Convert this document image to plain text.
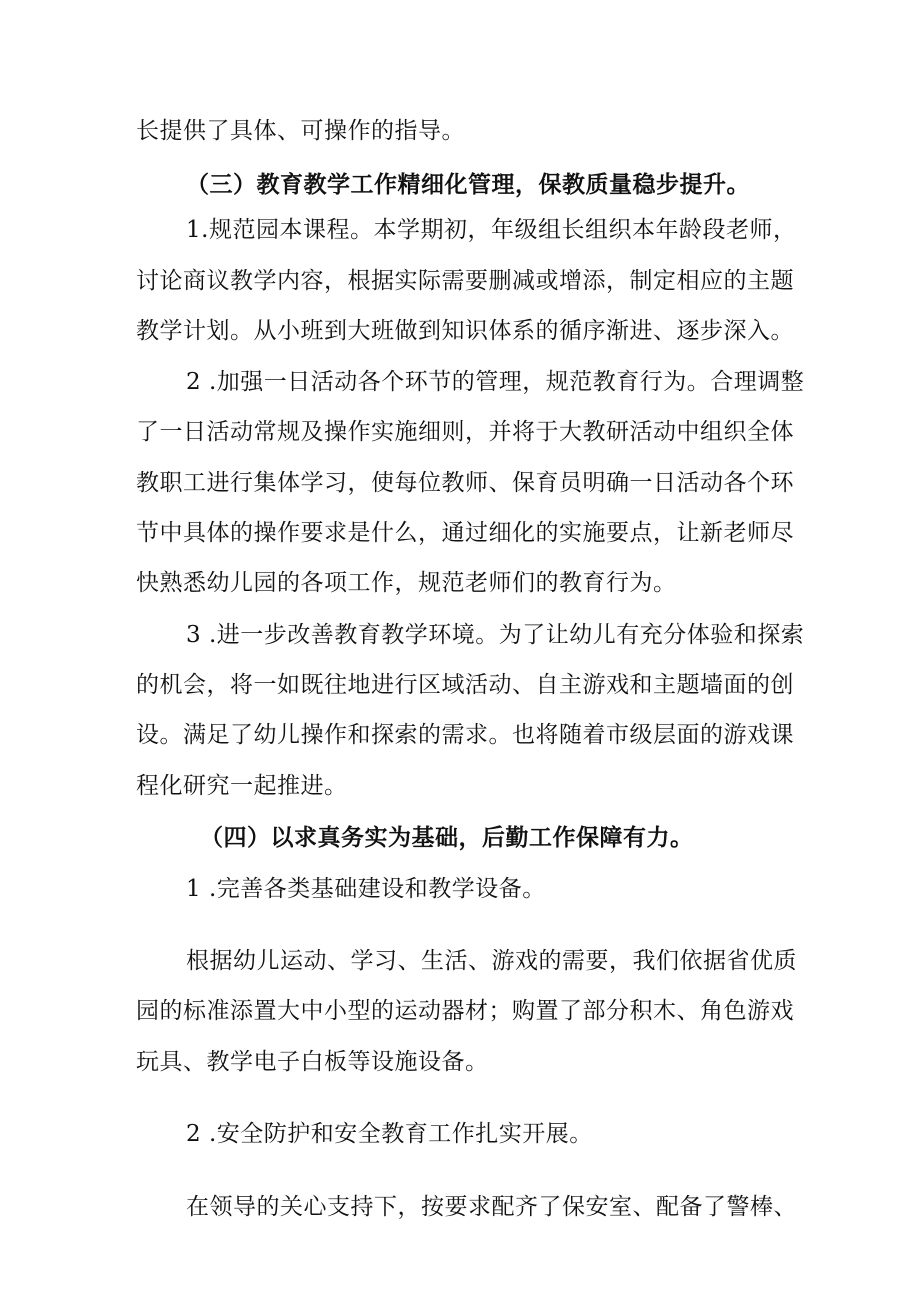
长提供了具体、可操作的指导。
（三）教育教学工作精细化管理，保教质量稳步提升。
1.规范园本课程。本学期初，年级组长组织本年龄段老师，
讨论商议教学内容，根据实际需要删减或增添，制定相应的主题
教学计划。从小班到大班做到知识体系的循序渐进、逐步深入。
2 .加强一日活动各个环节的管理，规范教育行为。合理调整
了一日活动常规及操作实施细则，并将于大教研活动中组织全体
教职工进行集体学习，使每位教师、保育员明确一日活动各个环
节中具体的操作要求是什么，通过细化的实施要点，让新老师尽
快熟悉幼儿园的各项工作，规范老师们的教育行为。
3 .进一步改善教育教学环境。为了让幼儿有充分体验和探索
的机会，将一如既往地进行区域活动、自主游戏和主题墙面的创
设。满足了幼儿操作和探索的需求。也将随着市级层面的游戏课
程化研究一起推进。
（四）以求真务实为基础，后勤工作保障有力。
1 .完善各类基础建设和教学设备。
根据幼儿运动、学习、生活、游戏的需要，我们依据省优质
园的标准添置大中小型的运动器材；购置了部分积木、角色游戏
玩具、教学电子白板等设施设备。
2 .安全防护和安全教育工作扎实开展。
在领导的关心支持下，按要求配齐了保安室、配备了警棒、
